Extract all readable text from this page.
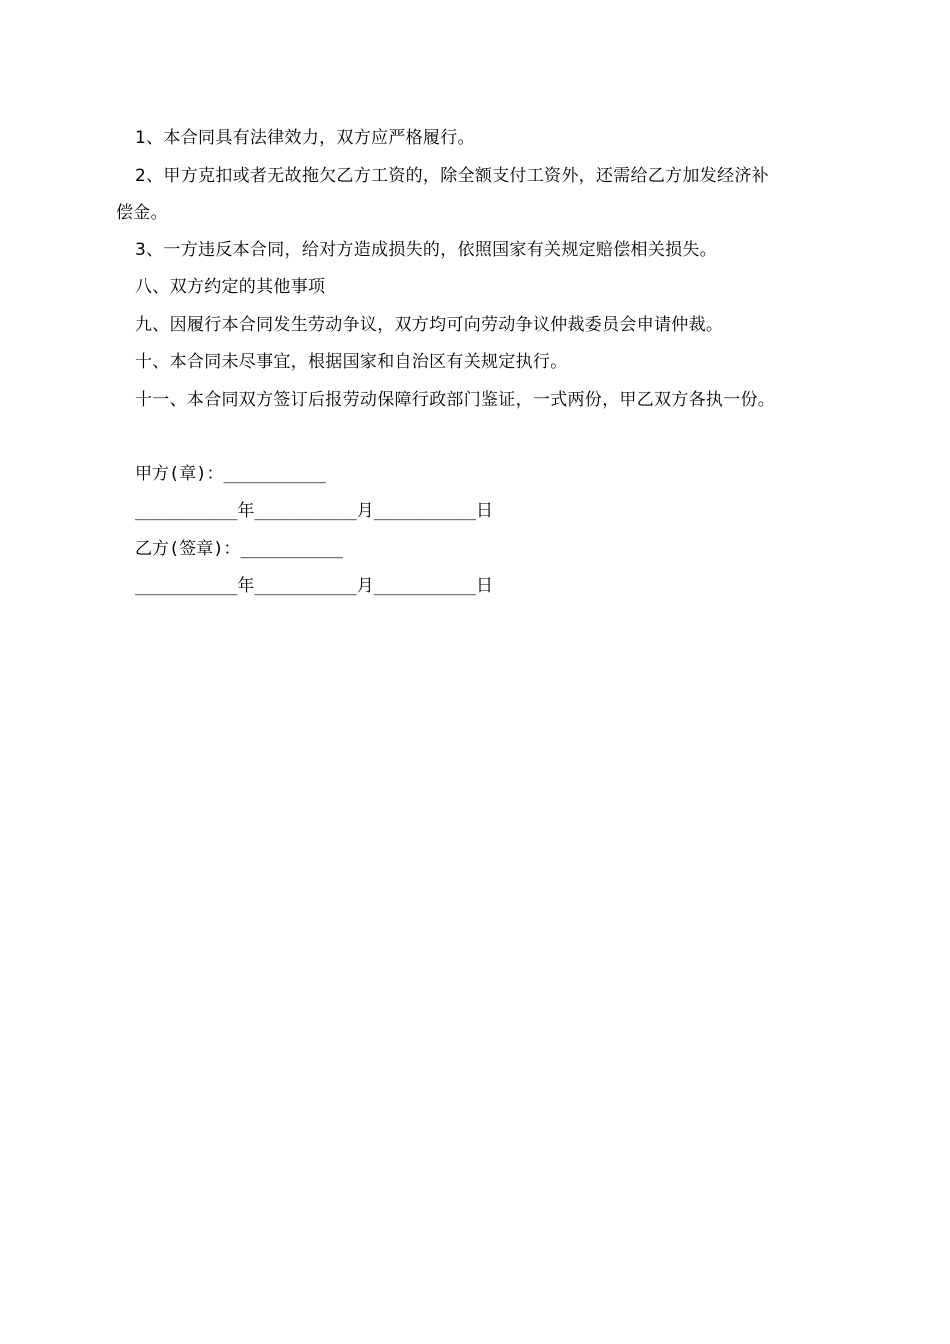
1、本合同具有法律效力，双方应严格履行。
2、甲方克扣或者无故拖欠乙方工资的，除全额支付工资外，还需给乙方加发经济补
偿金。
3、一方违反本合同，给对方造成损失的，依照国家有关规定赔偿相关损失。
八、双方约定的其他事项
九、因履行本合同发生劳动争议，双方均可向劳动争议仲裁委员会申请仲裁。
十、本合同未尽事宜，根据国家和自治区有关规定执行。
十一、本合同双方签订后报劳动保障行政部门鉴证，一式两份，甲乙双方各执一份。
甲方(章)：__________
__________年__________月__________日
乙方(签章)：__________
__________年__________月__________日
